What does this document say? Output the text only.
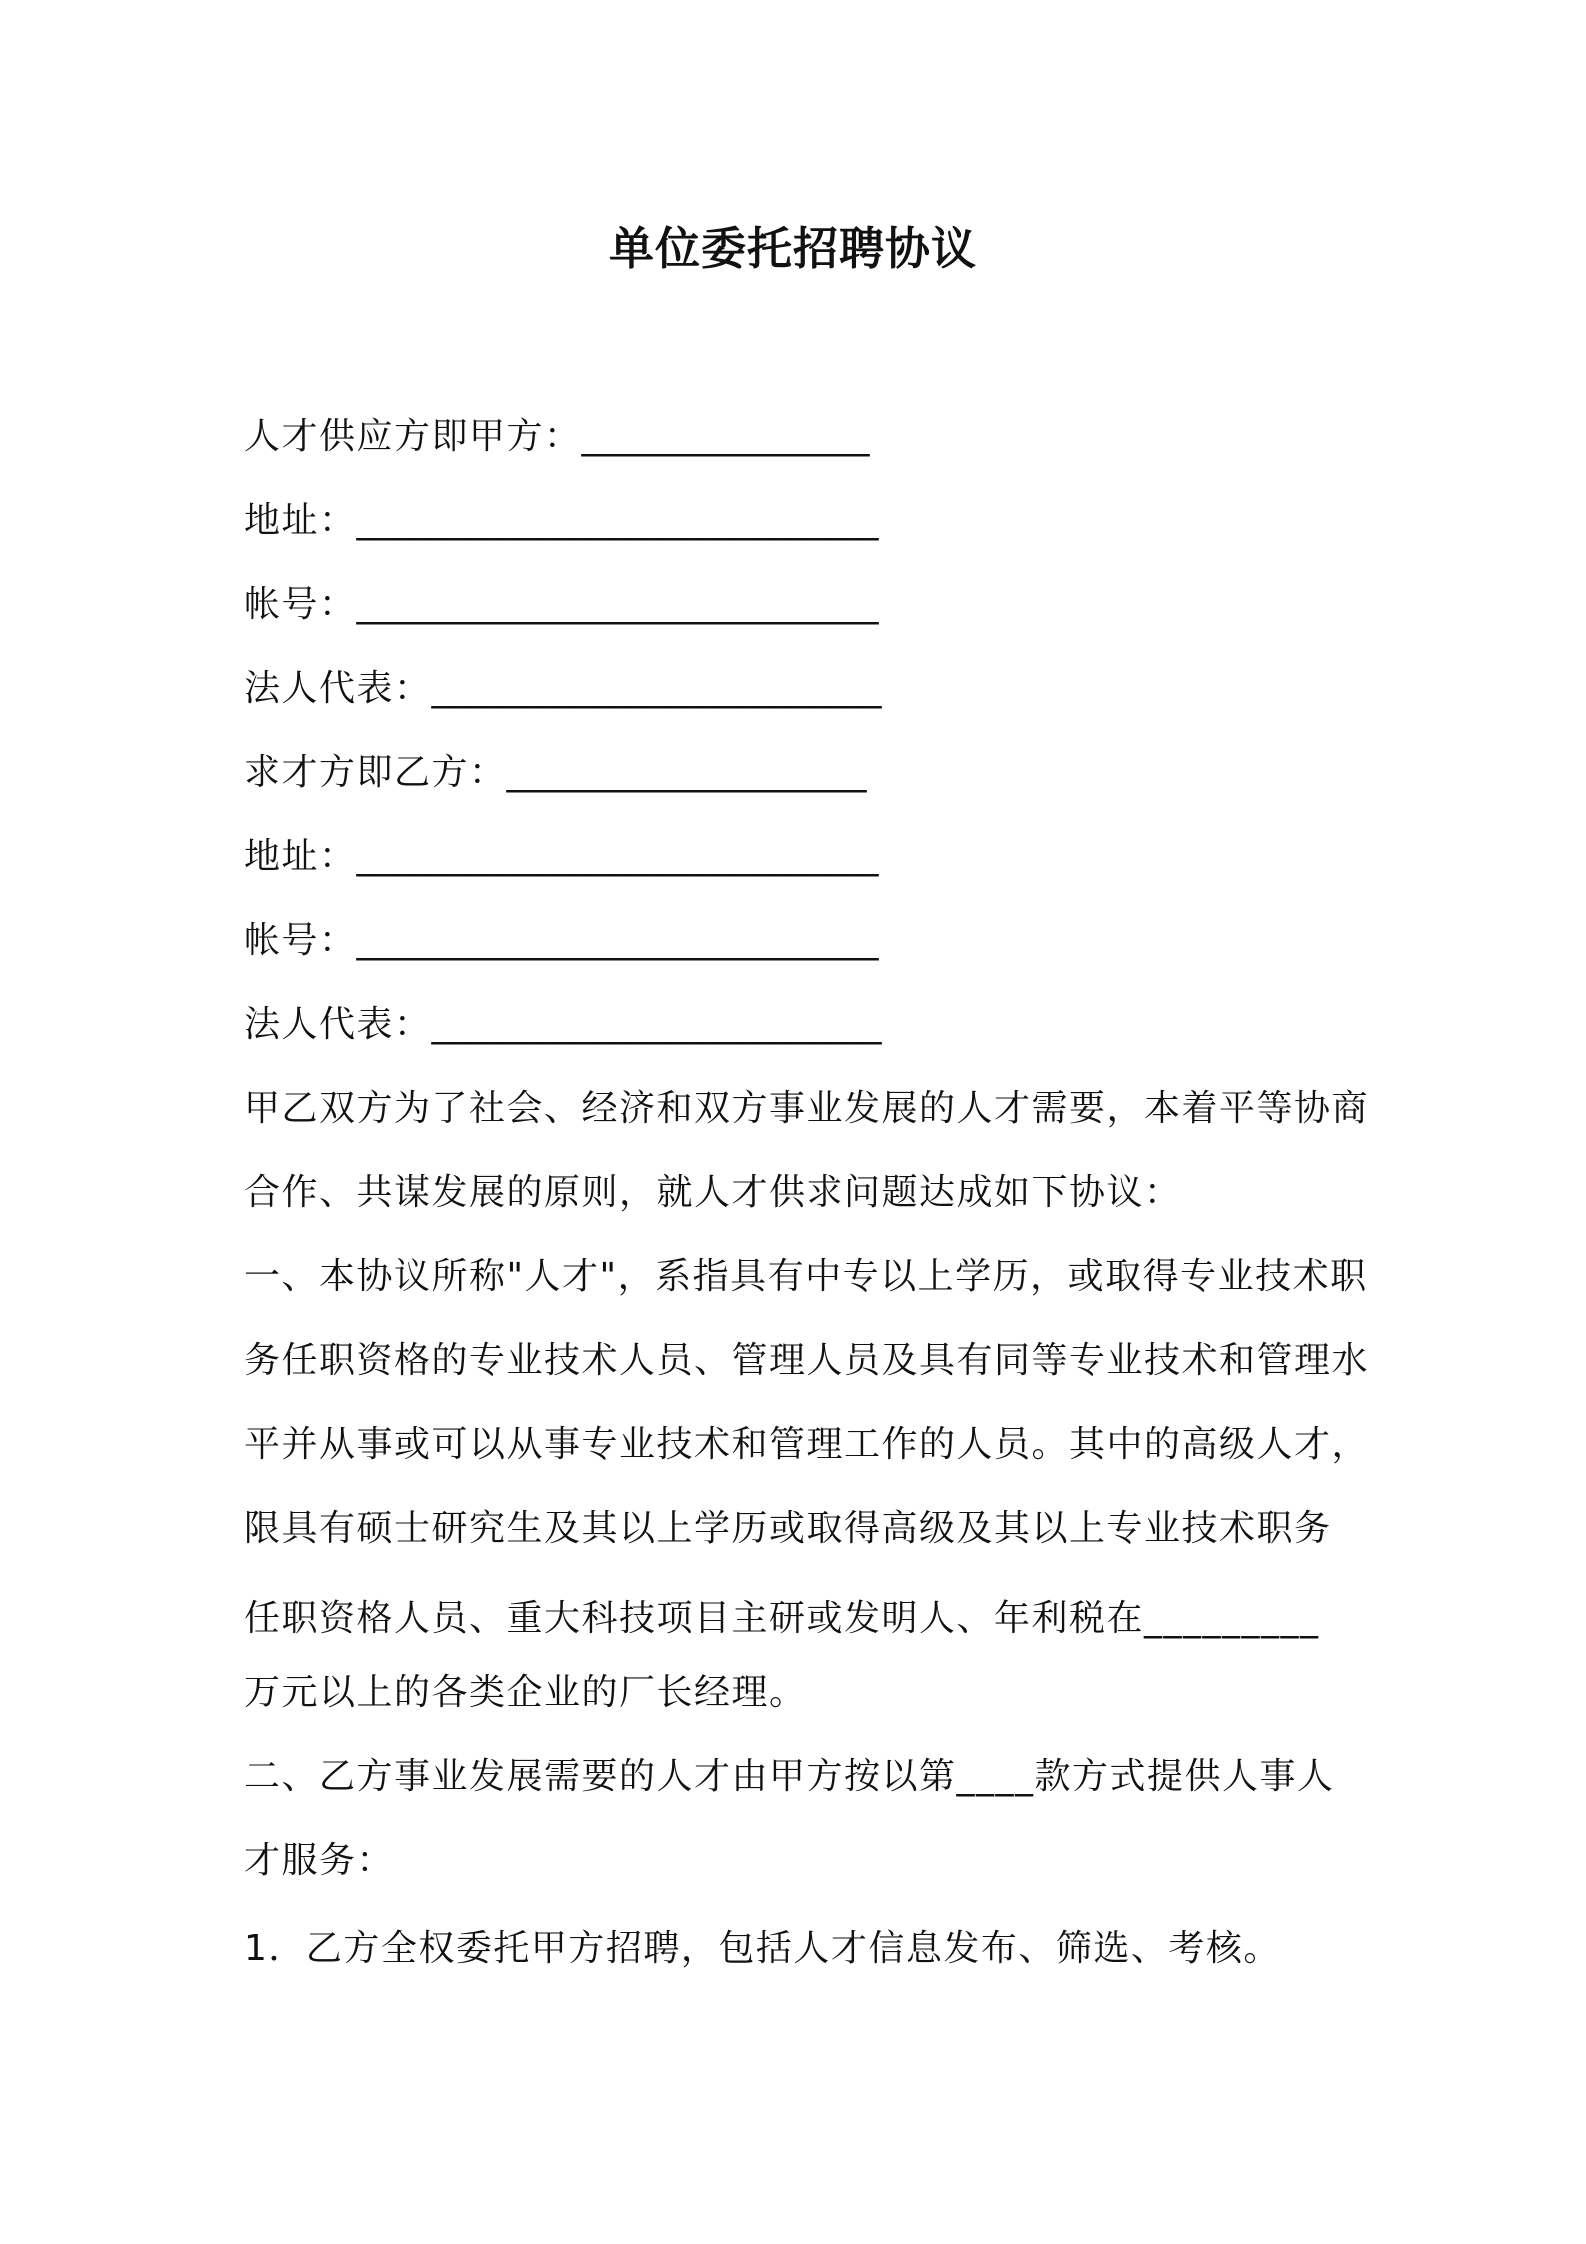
单位委托招聘协议

人才供应方即甲方：________________

地址：_____________________________

帐号：_____________________________

法人代表：_________________________

求才方即乙方：____________________

地址：_____________________________

帐号：_____________________________

法人代表：_________________________

甲乙双方为了社会、经济和双方事业发展的人才需要，本着平等协商

合作、共谋发展的原则，就人才供求问题达成如下协议：

一、本协议所称"人才"，系指具有中专以上学历，或取得专业技术职

务任职资格的专业技术人员、管理人员及具有同等专业技术和管理水

平并从事或可以从事专业技术和管理工作的人员。其中的高级人才，

限具有硕士研究生及其以上学历或取得高级及其以上专业技术职务

任职资格人员、重大科技项目主研或发明人、年利税在_________

万元以上的各类企业的厂长经理。

二、乙方事业发展需要的人才由甲方按以第____款方式提供人事人

才服务：

1．乙方全权委托甲方招聘，包括人才信息发布、筛选、考核。
